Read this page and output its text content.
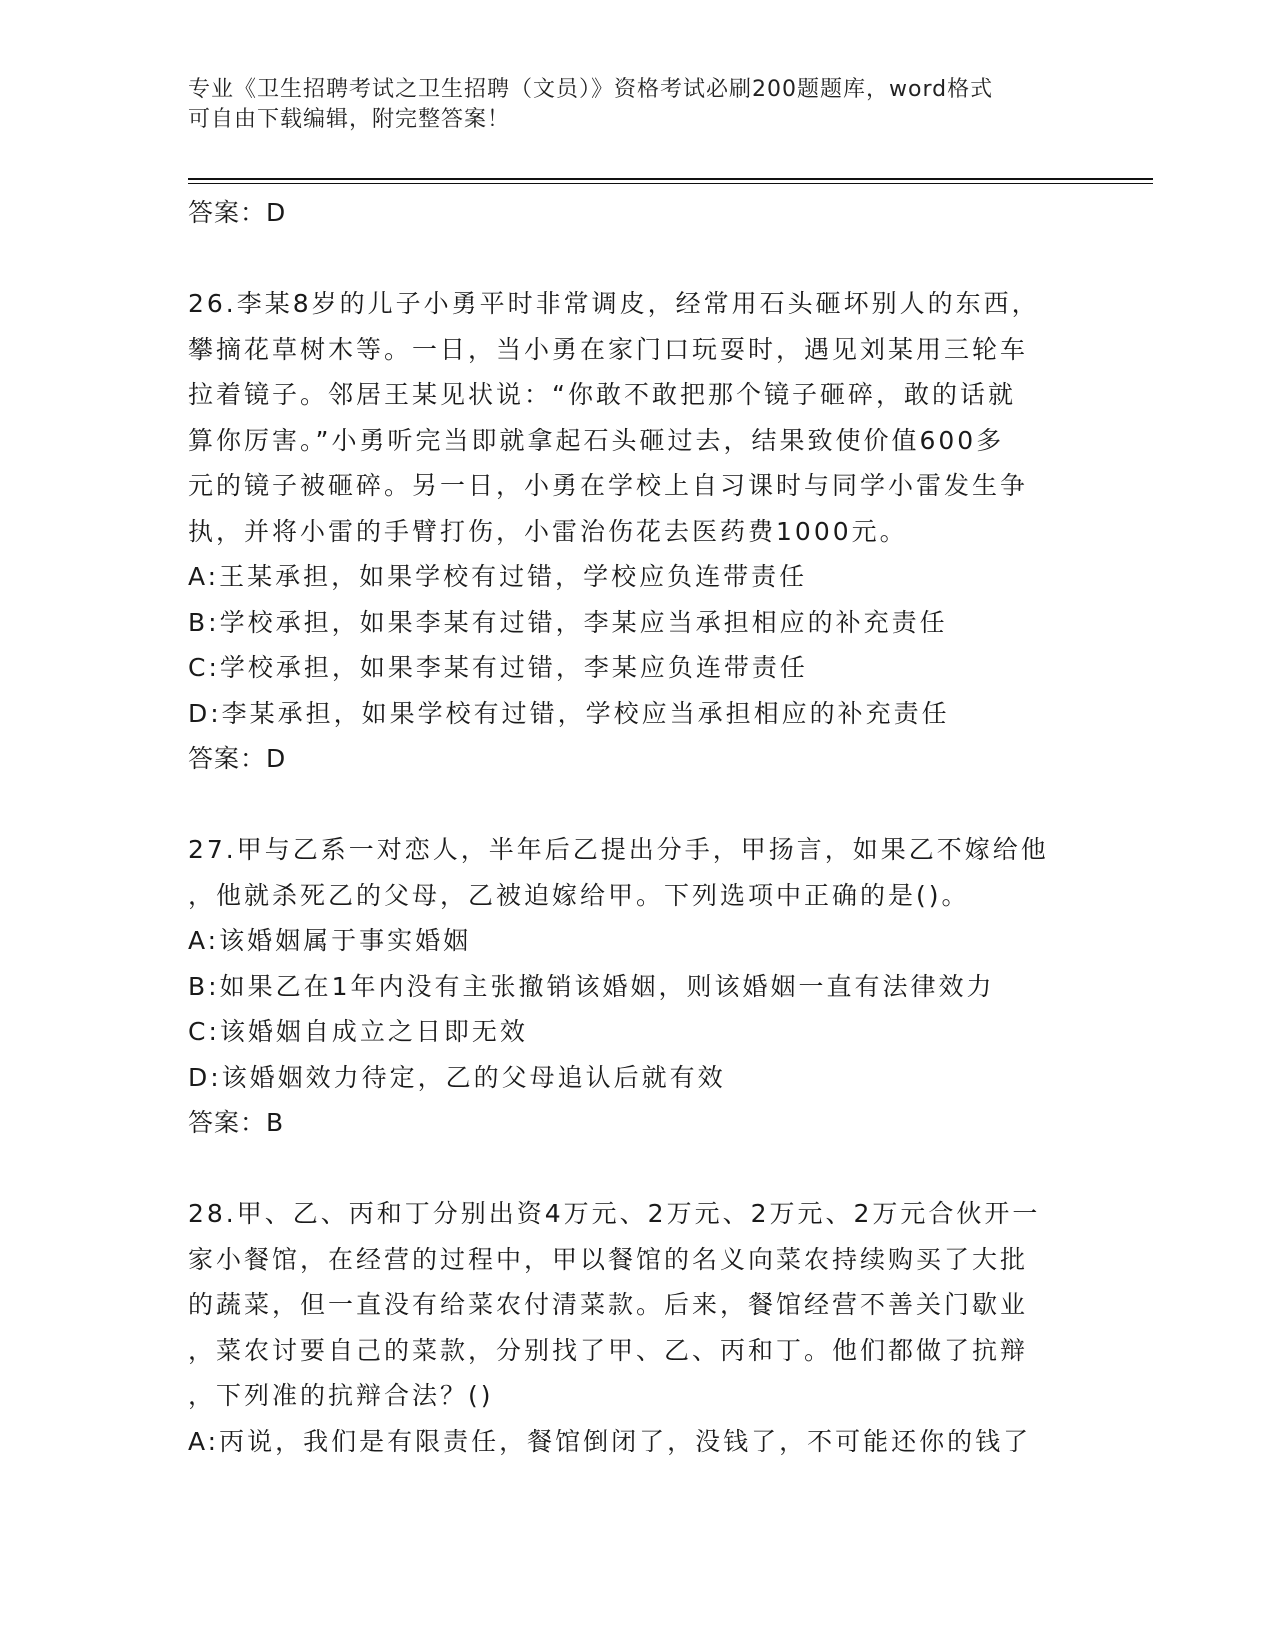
专业《卫生招聘考试之卫生招聘（文员）》资格考试必刷200题题库，word格式
可自由下载编辑，附完整答案！
答案：D
26.李某8岁的儿子小勇平时非常调皮，经常用石头砸坏别人的东西，
攀摘花草树木等。一日，当小勇在家门口玩耍时，遇见刘某用三轮车
拉着镜子。邻居王某见状说：“你敢不敢把那个镜子砸碎，敢的话就
算你厉害。”小勇听完当即就拿起石头砸过去，结果致使价值600多
元的镜子被砸碎。另一日，小勇在学校上自习课时与同学小雷发生争
执，并将小雷的手臂打伤，小雷治伤花去医药费1000元。
A:王某承担，如果学校有过错，学校应负连带责任
B:学校承担，如果李某有过错，李某应当承担相应的补充责任
C:学校承担，如果李某有过错，李某应负连带责任
D:李某承担，如果学校有过错，学校应当承担相应的补充责任
答案：D
27.甲与乙系一对恋人，半年后乙提出分手，甲扬言，如果乙不嫁给他
，他就杀死乙的父母，乙被迫嫁给甲。下列选项中正确的是()。
A:该婚姻属于事实婚姻
B:如果乙在1年内没有主张撤销该婚姻，则该婚姻一直有法律效力
C:该婚姻自成立之日即无效
D:该婚姻效力待定，乙的父母追认后就有效
答案：B
28.甲、乙、丙和丁分别出资4万元、2万元、2万元、2万元合伙开一
家小餐馆，在经营的过程中，甲以餐馆的名义向菜农持续购买了大批
的蔬菜，但一直没有给菜农付清菜款。后来，餐馆经营不善关门歇业
，菜农讨要自己的菜款，分别找了甲、乙、丙和丁。他们都做了抗辩
，下列准的抗辩合法？()
A:丙说，我们是有限责任，餐馆倒闭了，没钱了，不可能还你的钱了
